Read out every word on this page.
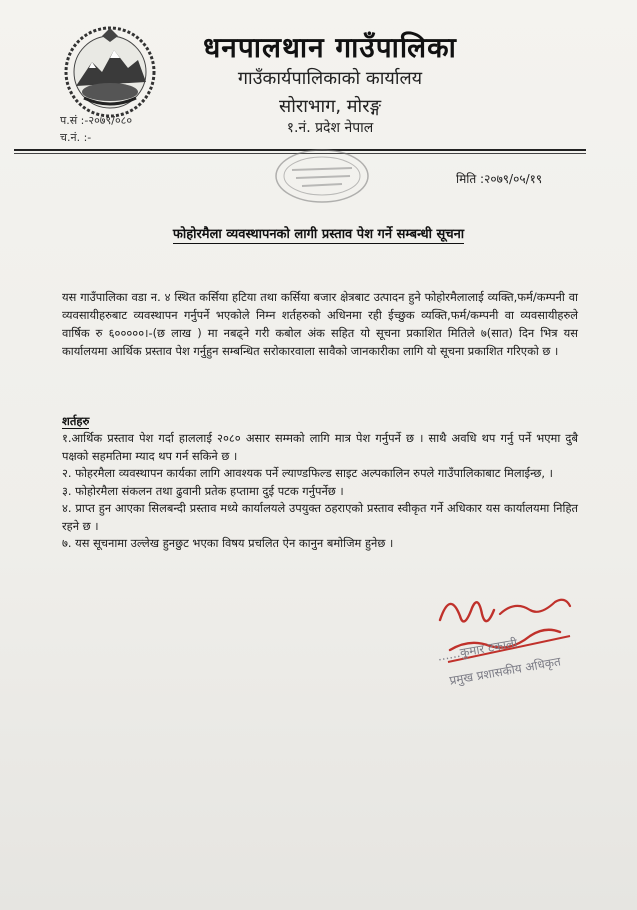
धनपालथान गाउँपालिका
गाउँकार्यपालिकाको कार्यालय
सोराभाग, मोरङ्ग
१.नं. प्रदेश नेपाल
प.सं :-२०७९/०८०
च.नं. :-
मिति :२०७९/०५/१९
फोहोरमैला व्यवस्थापनको लागी प्रस्ताव पेश गर्ने सम्बन्धी सूचना

यस गाउँपालिका वडा न. ४ स्थित कर्सिया हटिया तथा कर्सिया बजार क्षेत्रबाट उत्पादन हुने फोहोरमैलालाई व्यक्ति,फर्म/कम्पनी वा व्यवसायीहरुबाट व्यवस्थापन गर्नुपर्ने भएकोले निम्न शर्तहरुको अधिनमा रही ईच्छुक व्यक्ति,फर्म/कम्पनी वा व्यवसायीहरुले वार्षिक रु ६०००००।-(छ लाख ) मा नबढ्ने गरी कबोल अंक सहित यो सूचना प्रकाशित मितिले ७(सात) दिन भित्र यस कार्यालयमा आर्थिक प्रस्ताव पेश गर्नुहुन सम्बन्धित सरोकारवाला सावैको जानकारीका लागि यो सूचना प्रकाशित गरिएको छ ।

शर्तहरु

१.आर्थिक प्रस्ताव पेश गर्दा हाललाई २०८० असार सम्मको लागि मात्र पेश गर्नुपर्ने छ । साथै अवधि थप गर्नु पर्ने भएमा दुबै पक्षको सहमतिमा म्याद थप गर्न सकिने छ ।

२. फोहरमैला व्यवस्थापन कार्यका लागि आवश्यक पर्ने ल्याण्डफिल्ड साइट अल्पकालिन रुपले गाउँपालिकाबाट मिलाईन्छ, ।

३. फोहोरमैला संकलन तथा ढुवानी प्रतेक हप्तामा दुई पटक गर्नुपर्नेछ ।

४. प्राप्त हुन आएका सिलबन्दी प्रस्ताव मध्ये कार्यालयले उपयुक्त ठहराएको प्रस्ताव स्वीकृत गर्ने अधिकार यस कार्यालयमा निहित रहने छ ।

७. यस सूचनामा उल्लेख हुनछुट भएका विषय प्रचलित ऐन कानुन बमोजिम हुनेछ ।

......कुमार टकाली
प्रमुख प्रशासकीय अधिकृत
